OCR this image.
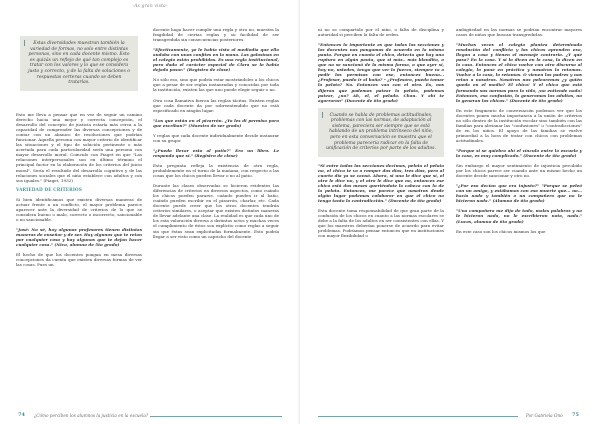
-As gran vista-
Estas diversidades muestran también la variedad de formas, no solo entre distintas personas, sino en cada docente mismo. Esto es quizás un reflejo de qué tan complejo es tratar con los valores y lo que se considera justo y correcto, y de la falta de soluciones o respuestas certeras cuando se deben tratarlas.

Esto me lleva a pensar que en vez de seguir un camino derecho hacia una mejor y correcta concepción, el desarrollo del concepto de justicia estaría más cerca a la capacidad de comprender las diversas concepciones y de contar con un abanico de resoluciones que podrían funcionar. Aquella persona con mayor criterio de identificar las situaciones y el tipo de solución pertinente o más acertada para cada particularidad sería una persona con mayor desarrollo moral. Coincido con Piaget en que "Las relaciones interpersonales son en último término el principal factor en la elaboración de los criterios del juicio moral". Sería el resultado del desarrollo cognitivo y de las relaciones sociales que el niño establece con adultos y con sus iguales." (Piaget, 1932)

VARIEDAD DE CRITERIOS

Si bien identificamos que existen diversas maneras de actuar frente a un conflicto, el mayor problema parece aparecer ante la diversidad de criterios de lo que se considera bueno o malo, correcto o incorrecto, sancionable o no sancionable.

"José: No sé, hay algunos profesores tienen distintas maneras de enseñar y de ser. Hay algunos que te retan por cualquier cosa y hay algunos que te dejan hacer cualquier cosa." (Nico, alumno de 5to grado)

El hecho de que los docentes pongan en mesa diversas concepciones da cuenta que existen diversas formas de ver las cosas. Pues un

docente haga hacer cumplir una regla y otro no, muestra la fragilidad de ciertas reglas y su facilidad de ser transgredida sin consecuencias posteriores.

"Efectivamente, yo le había visto al mediodía que ella andaba con unos confites en la mano. Las golosinas en el colegio están prohibidas. Es una regla institucional, pero dado el carácter especial de Clara se lo había dejado pasar." (Registro de clase)

No sólo eso, sino que podría estar mostrándoles a los chicos que a pesar de ser reglas instauradas y conocidas por toda la institución, existen las que uno puede elegir seguir o no.

Otra cosa llamativa fueron las reglas tácitas. Existen reglas que cada docente da por sobreentendido que no está especificado en ningún lugar:

"Los que están en el pizarrón. ¿Yo les di permiso para que escriban?" (Maestra de ser grado)

Y reglas que cada docente individualmente decide instaurar con su grupo:

"¿Puedo llevar esto al patio?" Era un libro. Le respondo que sí." (Registro de clase)

Esta pregunta refleja la existencia de otra regla, probablemente en el turno de la mañana, con respecto a las cosas que los chicos pueden llevar o no al patio.

Durante las clases observadas se hicieron evidentes las diferencias de criterios en diversos aspectos, como cuándo los chicos pueden pararse, cuándo pueden ir al baño, cuándo pueden escribir en el pizarrón, charlar, etc. Cada docente puede creer que los otros docentes tendrán criterios similares, o aceptar que existen distintos maneras de llevar adelante una clase. La realidad es que cada uno de los esta valoración diversa a distintos actos y muchas veces el cumplimiento de éstos son explícito como reglas a seguir sin que éstas sean explicitadas formalmente. Esto podría llegar a ser visto como un capricho del docente

74 ¿Cómo perciben los alumnos la justicia en la escuela?

ni no se compartido por el niño, o falta de disciplina y autoridad si perciben la falta de orden.

"Entonces lo importante es que todas las secciones y los docentes nos pongamos de acuerdo en la misma pauta. Porque en cuanto el chico, detecta que hay una ruptura en algún pauta, que si más.. más blandito, o que no se sancionó de la misma forma, o que ayer sí, hoy no, ustedes, tengo que ver la fuerza, siempre va a pedir los permisos con ese, entonces bueno... ¿Profesor, puedo ir al baño? – ¿Profesora, puedo tomar la pelota? No. Entonces van con el otro. Es, nos dijeron que podemos patear la pelota, podemos patear, ¿no? Ah, el, el pelado. Chau. Y ahí te agarraron" (Docente de 6to grado)

Cuando se habla de problemas actitudinales, problemas con las normas, de adaptación al sistema, pareciera ser siempre que se está hablando de un problema intrínseco del niño, pero en esta conversación se muestra que el problema parecería radicar en la falta de unificación de criterios por parte de los adultos.

"Si entre todas las secciones decimos, pelota el pelota no, el chico te va a romper dos días, tres días, pero al cuarto día ya se cansó. Ahora, si uno le dice que sí, el otro le dice no, y el otro le dice que no, entonces ese chico está dos meses queriéndote la cabeza con lo de la pelota. Entonces, me parece que nosotros desde algún lugar podemos colaborar en que el chico no tenga tanto la contradicción." (Docente de 6to grado)

Esta docente toma responsabilidad de que gran parte de la confusión de los chicos en cuanto a las normas escolares se debe a la falta de los adultos en ser consistentes con ellas. Y que los maestros deberían ponerse de acuerdo para evitar problemas. Podríamos pensar entonces que en instituciones con mayor flexibilidad o

ambigüedad en las normas se podrían encontrar mayores casos de niños que buscan transgredirlas.

"Muchas veces el colegio plantea determinada resolución del conflicto y los chicos aprenden eso, llegan a casa y tienen el mensaje contrario. ¿Y qué pasa? En la casa. Y si lo dicen en la casa, lo dicen en la casa. Entonces el chico vuelve con otro discurso al colegio, lo pone en práctica y nosotros lo retamos. Vuelve a la casa, lo retamos. O vienen los padres y nos retan a nosotros. Nosotros nos pelearemos ¿y quién queda en el medio? El chico! Y el chico que está formando sus normas para la vida, ¡no entiende nada! Entonces, esa confusión, la generamos los adultos, no la generan los chicos." (Docente de 6to grado)

En este fragmento de conversación podemos ver que los docentes ponen mucha importancia a la unión de criterios no sólo dentro de la institución escolar sino también con las familias para alivianar las "confusiones" o "contradicciones" de en los niños. El apoyo de las familias se vuelve primordial a la hora de tratar con chicos con problemas actitudinales.

"Porque si se quiebra ahí el vínculo entre la escuela y la casa, es muy complicado." (Docente de 6to grado)

Sin embargo el mayor sentimiento de injusticia percibido por los chicos parece ser cuando ante un mismo hecho un docente decide sancionar y otro no.

"¿Por eso decían que era injusto?" "Porque se peleó con un amigo, y estábamos con esa muerte que... no... hacía nada y también a un compañero que no le hicieron nada." (Alumna de 6to grado)

"Una compañera me dijo de todo, malas palabras y no le hicieron nada, no le escribieron nota, nada." (Lucas, alumno de 6to grado)

En este caso son los chicos mismos los que

Por Gabriela Ono 75
